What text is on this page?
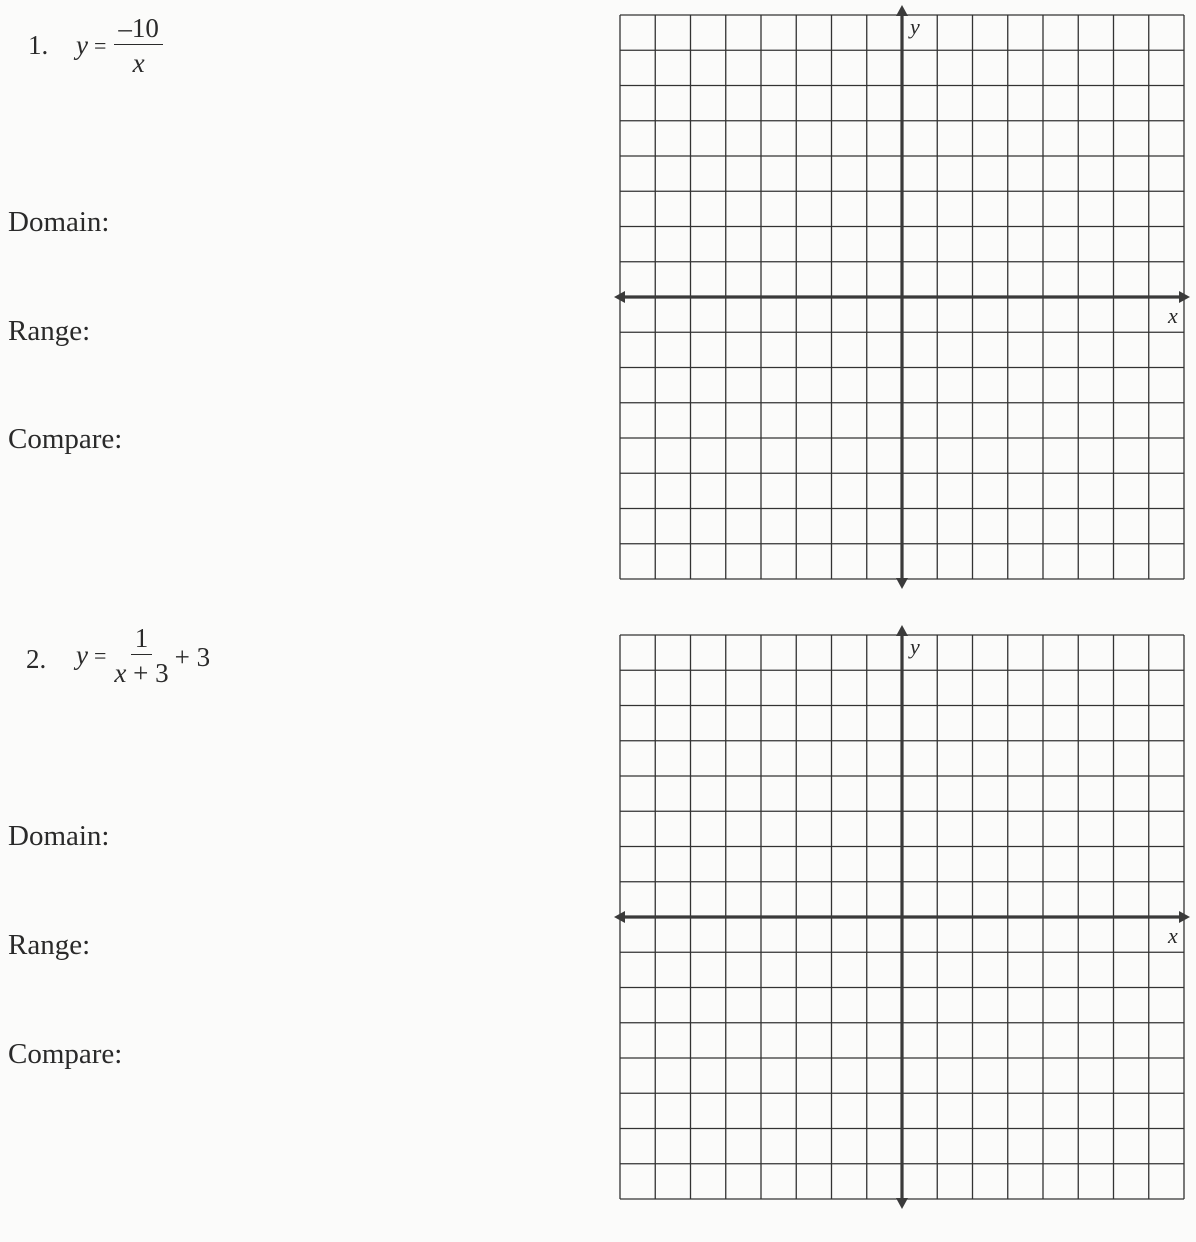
1. $y = \frac{-10}{x}$
Domain:
Range:
Compare:
y
x
2. $y = \frac{1}{x + 3} + 3$
Domain:
Range:
Compare:
y
x
